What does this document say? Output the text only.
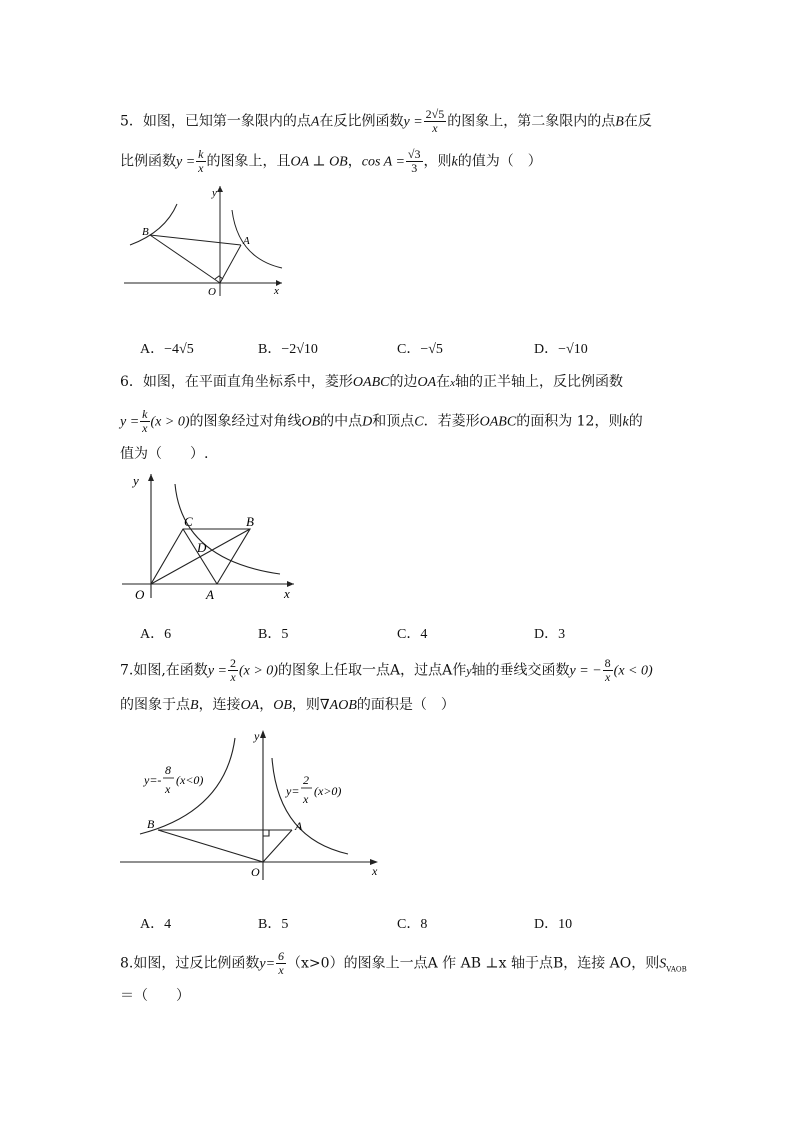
5．如图，已知第一象限内的点A在反比例函数$y = \frac{2√5}{x}$ 的图象上，第二象限内的点B在反
比例函数$y = \frac{k}{x}$ 的图象上，且OA ⊥ OB，$\cos A = \frac{√3}{3}$ ，则k的值为（　）
y
x
O
A
B
A．−4√5	B．−2√10	C．−√5	D．−√10
6．如图，在平面直角坐标系中，菱形OABC的边OA在x轴的正半轴上，反比例函数
$y = \frac{k}{x} (x > 0)$的图象经过对角线OB的中点D和顶点C．若菱形OABC的面积为 12，则k的
值为（　　）.
y
x
O	A
B
C
D
A．6	B．5	C．4	D．3
7.如图,在函数$y = \frac{2}{x} (x > 0)$的图象上任取一点A，过点A作y轴的垂线交函数y = − $\frac{8}{x} (x < 0)$
的图象于点B，连接OA，OB，则∇AOB的面积是（　）
y
x
O
A
B
y=-
8
x
(x<0)
y=
2
x
(x>0)
A．4	B．5	C．8	D．10
8.如图，过反比例函数$y= \frac{6}{x} (x>0)$的图象上一点A 作 AB ⊥x 轴于点B，连接 AO，则$S_{VAOB}$
＝（　　）
